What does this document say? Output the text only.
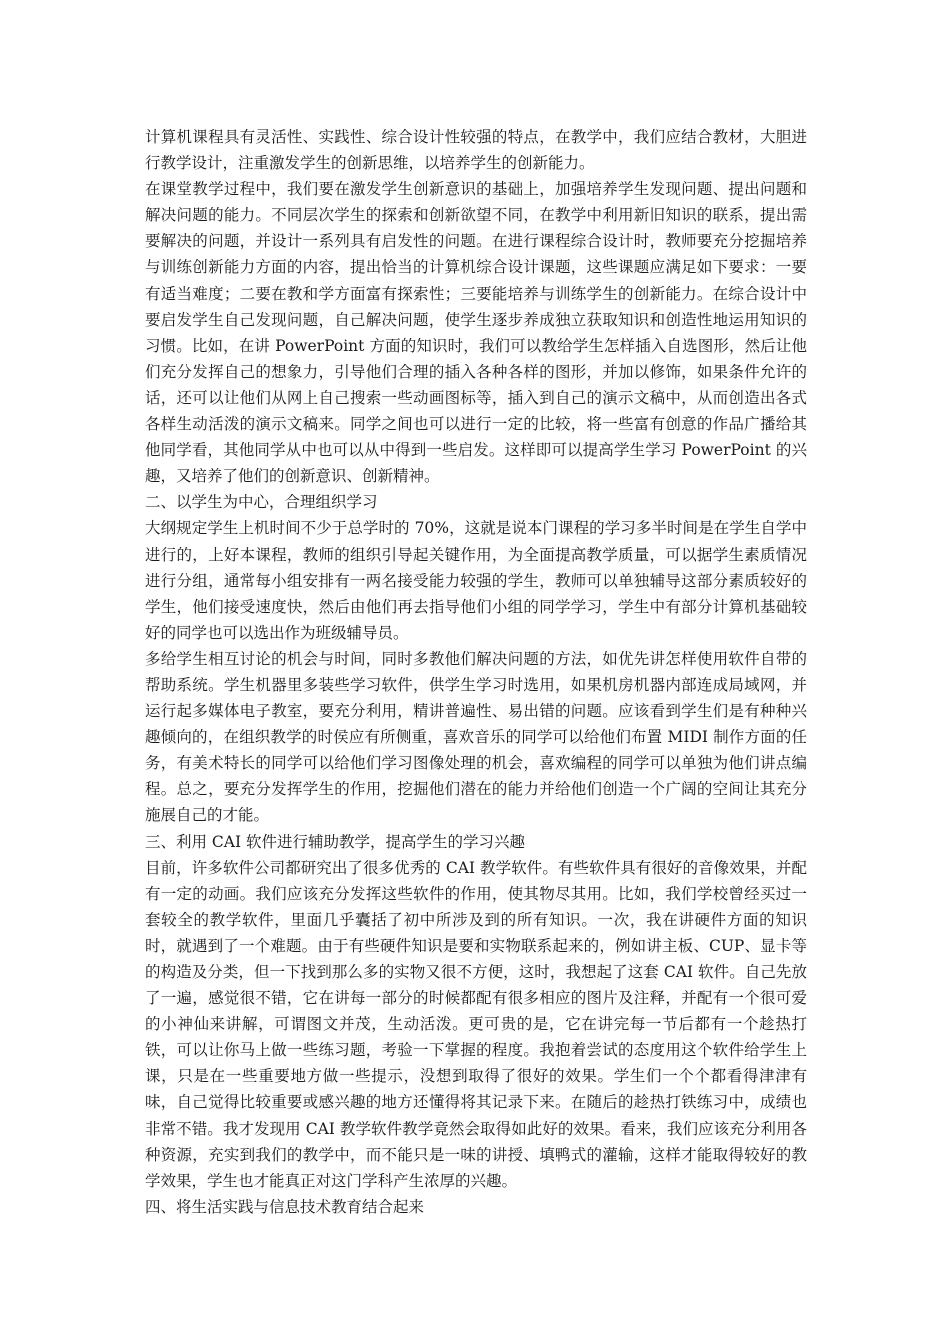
计算机课程具有灵活性、实践性、综合设计性较强的特点，在教学中，我们应结合教材，大胆进行教学设计，注重激发学生的创新思维，以培养学生的创新能力。

在课堂教学过程中，我们要在激发学生创新意识的基础上，加强培养学生发现问题、提出问题和解决问题的能力。不同层次学生的探索和创新欲望不同，在教学中利用新旧知识的联系，提出需要解决的问题，并设计一系列具有启发性的问题。在进行课程综合设计时，教师要充分挖掘培养与训练创新能力方面的内容，提出恰当的计算机综合设计课题，这些课题应满足如下要求：一要有适当难度；二要在教和学方面富有探索性；三要能培养与训练学生的创新能力。在综合设计中要启发学生自己发现问题，自己解决问题，使学生逐步养成独立获取知识和创造性地运用知识的习惯。比如，在讲 PowerPoint 方面的知识时，我们可以教给学生怎样插入自选图形，然后让他们充分发挥自己的想象力，引导他们合理的插入各种各样的图形，并加以修饰，如果条件允许的话，还可以让他们从网上自己搜索一些动画图标等，插入到自己的演示文稿中，从而创造出各式各样生动活泼的演示文稿来。同学之间也可以进行一定的比较，将一些富有创意的作品广播给其他同学看，其他同学从中也可以从中得到一些启发。这样即可以提高学生学习 PowerPoint 的兴趣，又培养了他们的创新意识、创新精神。

二、以学生为中心，合理组织学习

大纲规定学生上机时间不少于总学时的 70%，这就是说本门课程的学习多半时间是在学生自学中进行的，上好本课程，教师的组织引导起关键作用，为全面提高教学质量，可以据学生素质情况进行分组，通常每小组安排有一两名接受能力较强的学生，教师可以单独辅导这部分素质较好的学生，他们接受速度快，然后由他们再去指导他们小组的同学学习，学生中有部分计算机基础较好的同学也可以选出作为班级辅导员。

多给学生相互讨论的机会与时间，同时多教他们解决问题的方法，如优先讲怎样使用软件自带的帮助系统。学生机器里多装些学习软件，供学生学习时选用，如果机房机器内部连成局域网，并运行起多媒体电子教室，要充分利用，精讲普遍性、易出错的问题。应该看到学生们是有种种兴趣倾向的，在组织教学的时侯应有所侧重，喜欢音乐的同学可以给他们布置 MIDI 制作方面的任务，有美术特长的同学可以给他们学习图像处理的机会，喜欢编程的同学可以单独为他们讲点编程。总之，要充分发挥学生的作用，挖掘他们潜在的能力并给他们创造一个广阔的空间让其充分施展自己的才能。

三、利用 CAI 软件进行辅助教学，提高学生的学习兴趣

目前，许多软件公司都研究出了很多优秀的 CAI 教学软件。有些软件具有很好的音像效果，并配有一定的动画。我们应该充分发挥这些软件的作用，使其物尽其用。比如，我们学校曾经买过一套较全的教学软件，里面几乎囊括了初中所涉及到的所有知识。一次，我在讲硬件方面的知识时，就遇到了一个难题。由于有些硬件知识是要和实物联系起来的，例如讲主板、CUP、显卡等的构造及分类，但一下找到那么多的实物又很不方便，这时，我想起了这套 CAI 软件。自己先放了一遍，感觉很不错，它在讲每一部分的时候都配有很多相应的图片及注释，并配有一个很可爱的小神仙来讲解，可谓图文并茂，生动活泼。更可贵的是，它在讲完每一节后都有一个趁热打铁，可以让你马上做一些练习题，考验一下掌握的程度。我抱着尝试的态度用这个软件给学生上课，只是在一些重要地方做一些提示，没想到取得了很好的效果。学生们一个个都看得津津有味，自己觉得比较重要或感兴趣的地方还懂得将其记录下来。在随后的趁热打铁练习中，成绩也非常不错。我才发现用 CAI 教学软件教学竟然会取得如此好的效果。看来，我们应该充分利用各种资源，充实到我们的教学中，而不能只是一味的讲授、填鸭式的灌输，这样才能取得较好的教学效果，学生也才能真正对这门学科产生浓厚的兴趣。

四、将生活实践与信息技术教育结合起来
